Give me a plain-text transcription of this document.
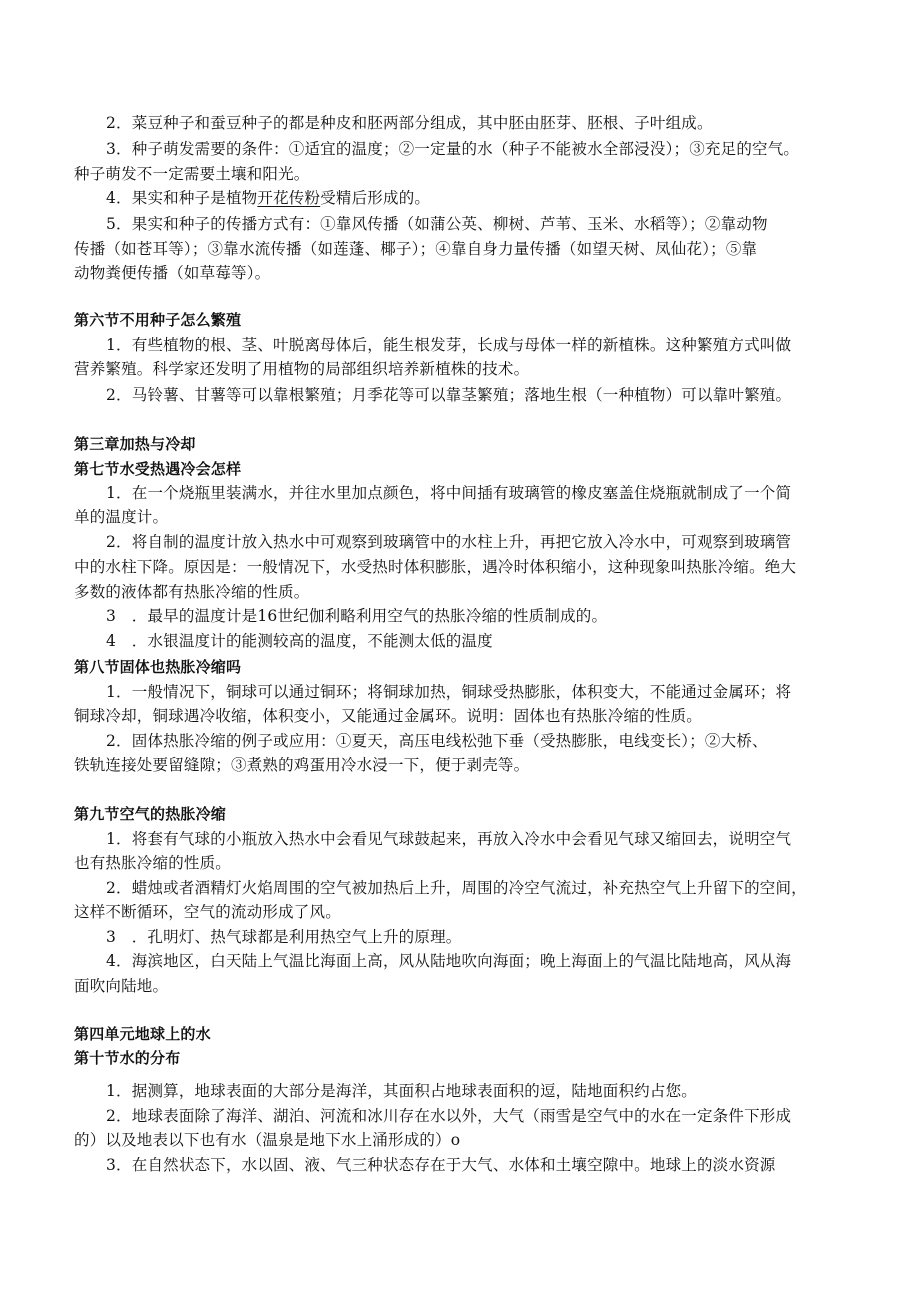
2．菜豆种子和蚕豆种子的都是种皮和胚两部分组成，其中胚由胚芽、胚根、子叶组成。
3．种子萌发需要的条件：①适宜的温度；②一定量的水（种子不能被水全部浸没）；③充足的空气。
种子萌发不一定需要土壤和阳光。
4．果实和种子是植物开花传粉受精后形成的。
5．果实和种子的传播方式有：①靠风传播（如蒲公英、柳树、芦苇、玉米、水稻等）；②靠动物
传播（如苍耳等）；③靠水流传播（如莲蓬、椰子）；④靠自身力量传播（如望天树、凤仙花）；⑤靠
动物粪便传播（如草莓等）。
第六节不用种子怎么繁殖
1．有些植物的根、茎、叶脱离母体后，能生根发芽，长成与母体一样的新植株。这种繁殖方式叫做
营养繁殖。科学家还发明了用植物的局部组织培养新植株的技术。
2．马铃薯、甘薯等可以靠根繁殖；月季花等可以靠茎繁殖；落地生根（一种植物）可以靠叶繁殖。
第三章加热与冷却
第七节水受热遇冷会怎样
1．在一个烧瓶里装满水，并往水里加点颜色，将中间插有玻璃管的橡皮塞盖住烧瓶就制成了一个简
单的温度计。
2．将自制的温度计放入热水中可观察到玻璃管中的水柱上升，再把它放入冷水中，可观察到玻璃管
中的水柱下降。原因是：一般情况下，水受热时体积膨胀，遇冷时体积缩小，这种现象叫热胀冷缩。绝大
多数的液体都有热胀冷缩的性质。
3　．最早的温度计是16世纪伽利略利用空气的热胀冷缩的性质制成的。
4　．水银温度计的能测较高的温度，不能测太低的温度
第八节固体也热胀冷缩吗
1．一般情况下，铜球可以通过铜环；将铜球加热，铜球受热膨胀，体积变大，不能通过金属环；将
铜球冷却，铜球遇冷收缩，体积变小，又能通过金属环。说明：固体也有热胀冷缩的性质。
2．固体热胀冷缩的例子或应用：①夏天，高压电线松弛下垂（受热膨胀，电线变长）；②大桥、
铁轨连接处要留缝隙；③煮熟的鸡蛋用冷水浸一下，便于剥壳等。
第九节空气的热胀冷缩
1．将套有气球的小瓶放入热水中会看见气球鼓起来，再放入冷水中会看见气球又缩回去，说明空气
也有热胀冷缩的性质。
2．蜡烛或者酒精灯火焰周围的空气被加热后上升，周围的冷空气流过，补充热空气上升留下的空间，
这样不断循环，空气的流动形成了风。
3　．孔明灯、热气球都是利用热空气上升的原理。
4．海滨地区，白天陆上气温比海面上高，风从陆地吹向海面；晚上海面上的气温比陆地高，风从海
面吹向陆地。
第四单元地球上的水
第十节水的分布
1．据测算，地球表面的大部分是海洋，其面积占地球表面积的逗，陆地面积约占您。
2．地球表面除了海洋、湖泊、河流和冰川存在水以外，大气（雨雪是空气中的水在一定条件下形成
的）以及地表以下也有水（温泉是地下水上涌形成的）o
3．在自然状态下，水以固、液、气三种状态存在于大气、水体和土壤空隙中。地球上的淡水资源
